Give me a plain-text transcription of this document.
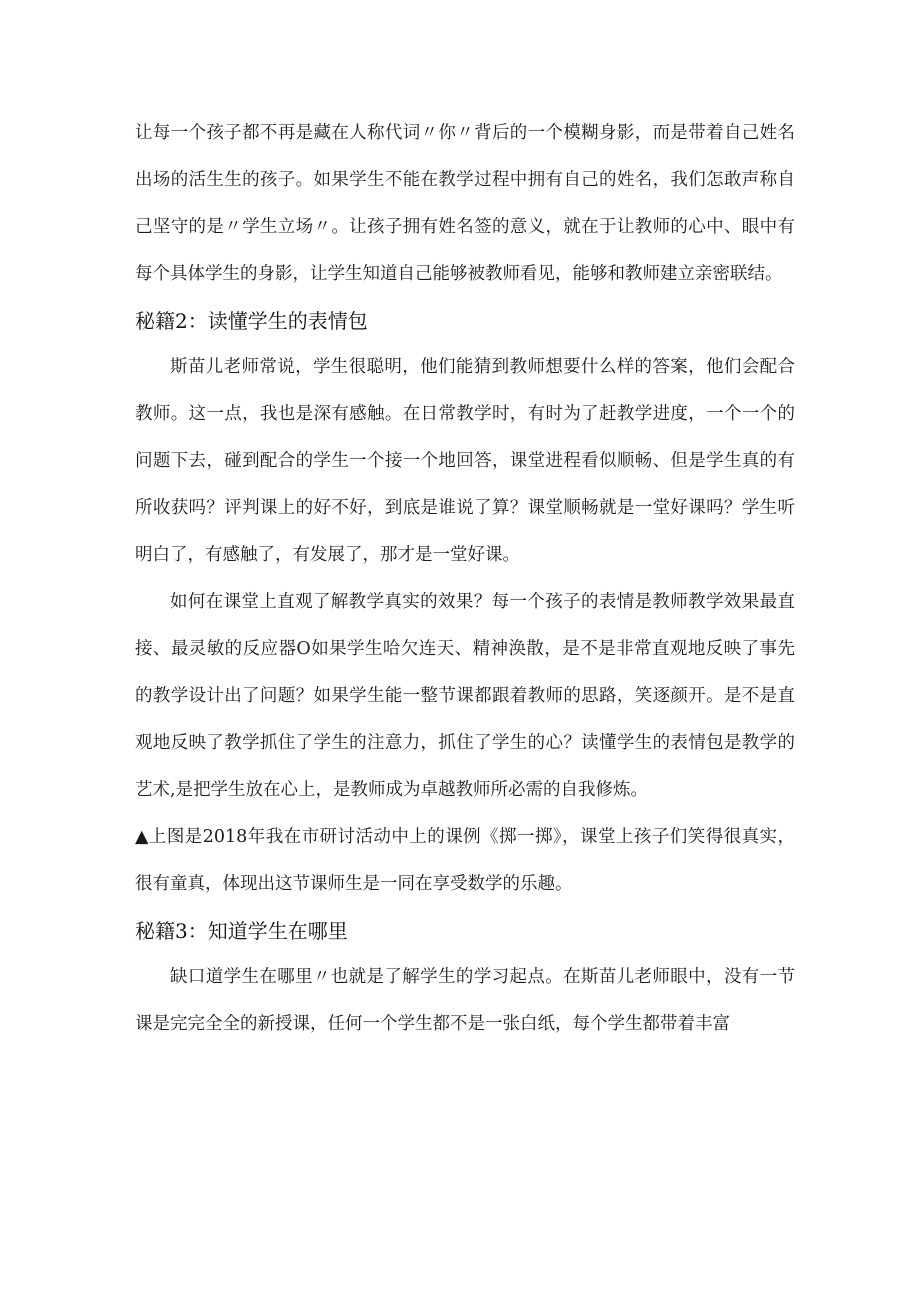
让每一个孩子都不再是藏在人称代词〃你〃背后的一个模糊身影，而是带着自己姓名出场的活生生的孩子。如果学生不能在教学过程中拥有自己的姓名，我们怎敢声称自己坚守的是〃学生立场〃。让孩子拥有姓名签的意义，就在于让教师的心中、眼中有每个具体学生的身影，让学生知道自己能够被教师看见，能够和教师建立亲密联结。

秘籍2：读懂学生的表情包

斯苗儿老师常说，学生很聪明，他们能猜到教师想要什么样的答案，他们会配合教师。这一点，我也是深有感触。在日常教学时，有时为了赶教学进度，一个一个的问题下去，碰到配合的学生一个接一个地回答，课堂进程看似顺畅、但是学生真的有所收获吗？评判课上的好不好，到底是谁说了算？课堂顺畅就是一堂好课吗？学生听明白了，有感触了，有发展了，那才是一堂好课。

如何在课堂上直观了解教学真实的效果？每一个孩子的表情是教师教学效果最直接、最灵敏的反应器O如果学生哈欠连天、精神涣散，是不是非常直观地反映了事先的教学设计出了问题？如果学生能一整节课都跟着教师的思路，笑逐颜开。是不是直观地反映了教学抓住了学生的注意力，抓住了学生的心？读懂学生的表情包是教学的艺术,是把学生放在心上，是教师成为卓越教师所必需的自我修炼。

▲上图是2018年我在市研讨活动中上的课例《掷一掷》，课堂上孩子们笑得很真实，很有童真，体现出这节课师生是一同在享受数学的乐趣。

秘籍3：知道学生在哪里

缺口道学生在哪里〃也就是了解学生的学习起点。在斯苗儿老师眼中，没有一节课是完完全全的新授课，任何一个学生都不是一张白纸，每个学生都带着丰富
